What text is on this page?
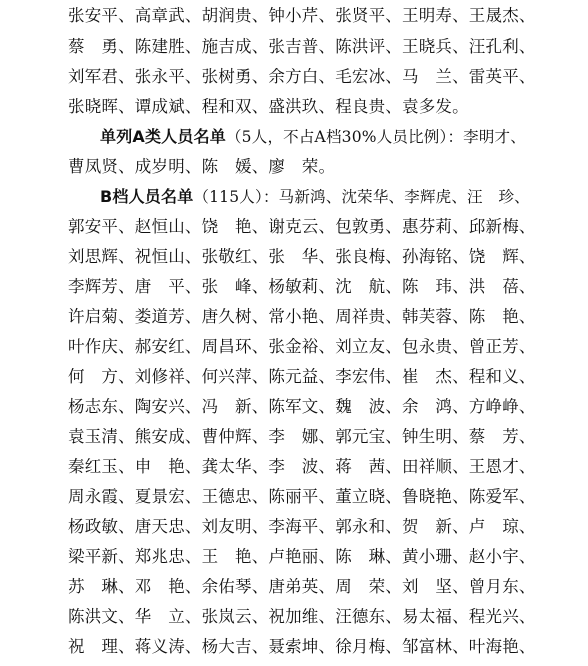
张安平、高章武、胡润贵、钟小芹、张贤平、王明寿、王晟杰、
蔡　勇、陈建胜、施吉成、张吉普、陈洪评、王晓兵、汪孔利、
刘军君、张永平、张树勇、余方白、毛宏冰、马　兰、雷英平、
张晓晖、谭成斌、程和双、盛洪玖、程良贵、袁多发。
单列A类人员名单（5人，不占A档30%人员比例）：李明才、
曹凤贤、成岁明、陈　媛、廖　荣。
B档人员名单（115人）：马新鸿、沈荣华、李辉虎、汪　珍、
郭安平、赵恒山、饶　艳、谢克云、包敦勇、惠芬莉、邱新梅、
刘思辉、祝恒山、张敬红、张　华、张良梅、孙海铭、饶　辉、
李辉芳、唐　平、张　峰、杨敏莉、沈　航、陈　玮、洪　蓓、
许启菊、娄道芳、唐久树、常小艳、周祥贵、韩芙蓉、陈　艳、
叶作庆、郝安红、周昌环、张金裕、刘立友、包永贵、曾正芳、
何　方、刘修祥、何兴萍、陈元益、李宏伟、崔　杰、程和义、
杨志东、陶安兴、冯　新、陈军文、魏　波、余　鸿、方峥峥、
袁玉清、熊安成、曹仲辉、李　娜、郭元宝、钟生明、蔡　芳、
秦红玉、申　艳、龚太华、李　波、蒋　茜、田祥顺、王恩才、
周永霞、夏景宏、王德忠、陈丽平、董立晓、鲁晓艳、陈爱军、
杨政敏、唐天忠、刘友明、李海平、郭永和、贺　新、卢　琼、
梁平新、郑兆忠、王　艳、卢艳丽、陈　琳、黄小珊、赵小宇、
苏　琳、邓　艳、余佑琴、唐弟英、周　荣、刘　坚、曾月东、
陈洪文、华　立、张岚云、祝加维、汪德东、易太福、程光兴、
祝　理、蒋义涛、杨大吉、聂索坤、徐月梅、邹富林、叶海艳、
